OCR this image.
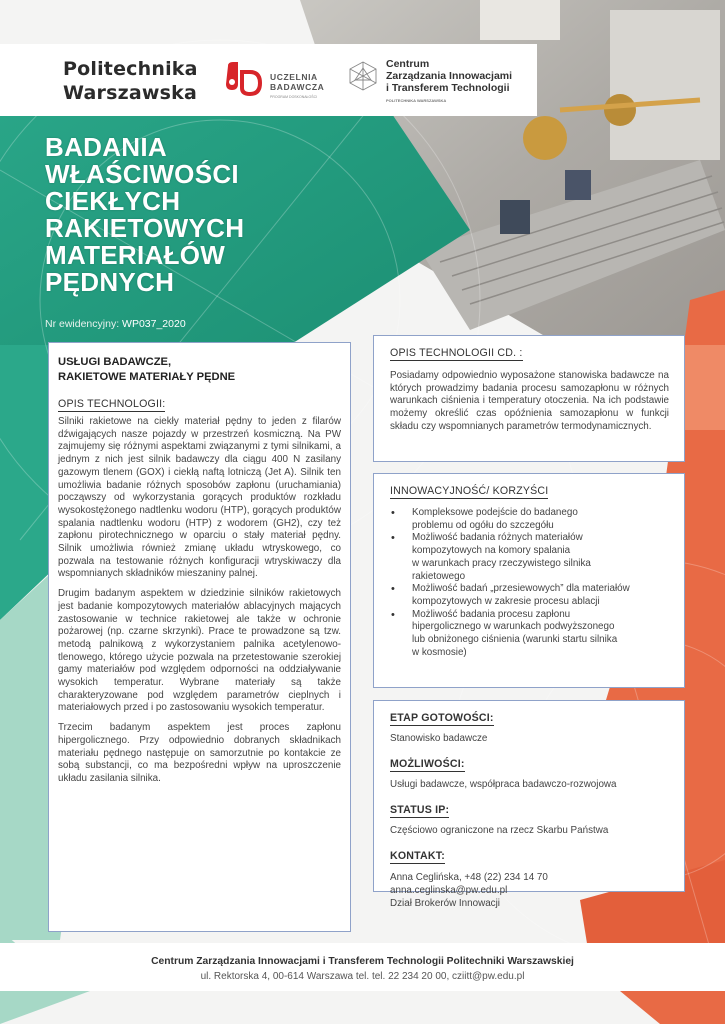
Politechnika
Warszawska
UCZELNIA
BADAWCZA
PROGRAM DOSKONAŁOŚCI
Centrum
Zarządzania Innowacjami
i Transferem Technologii
POLITECHNIKA WARSZAWSKA
BADANIA
WŁAŚCIWOŚCI
CIEKŁYCH
RAKIETOWYCH
MATERIAŁÓW
PĘDNYCH
Nr ewidencyjny: WP037_2020
USŁUGI BADAWCZE,
RAKIETOWE MATERIAŁY PĘDNE
OPIS TECHNOLOGII:

Silniki rakietowe na ciekły materiał pędny to jeden z filarów dźwigających nasze pojazdy w przestrzeń kosmiczną. Na PW zajmujemy się różnymi aspektami związanymi z tymi silnikami, a jednym z nich jest silnik badawczy dla ciągu 400 N zasilany gazowym tlenem (GOX) i ciekłą naftą lotniczą (Jet A). Silnik ten umożliwia badanie różnych sposobów zapłonu (uruchamiania) począwszy od wykorzystania gorących produktów rozkładu wysokostężonego nadtlenku wodoru (HTP), gorących produktów spalania nadtlenku wodoru (HTP) z wodorem (GH2), czy też zapłonu pirotechnicznego w oparciu o stały materiał pędny. Silnik umożliwia również zmianę układu wtryskowego, co pozwala na testowanie różnych konfiguracji wtryskiwaczy dla wspomnianych składników mieszaniny palnej.

Drugim badanym aspektem w dziedzinie silników rakietowych jest badanie kompozytowych materiałów ablacyjnych mających zastosowanie w technice rakietowej ale także w ochronie pożarowej (np. czarne skrzynki). Prace te prowadzone są tzw. metodą palnikową z wykorzystaniem palnika acetylenowo-tlenowego, którego użycie pozwala na przetestowanie szerokiej gamy materiałów pod względem odporności na oddziaływanie wysokich temperatur. Wybrane materiały są także charakteryzowane pod względem parametrów cieplnych i materiałowych przed i po zastosowaniu wysokich temperatur.

Trzecim badanym aspektem jest proces zapłonu hipergolicznego. Przy odpowiednio dobranych składnikach materiału pędnego następuje on samorzutnie po kontakcie ze sobą substancji, co ma bezpośredni wpływ na uproszczenie układu zasilania silnika.

OPIS TECHNOLOGII CD. :

Posiadamy odpowiednio wyposażone stanowiska badawcze na których prowadzimy badania procesu samozapłonu w różnych warunkach ciśnienia i temperatury otoczenia. Na ich podstawie możemy określić czas opóźnienia samozapłonu w funkcji składu czy wspomnianych parametrów termodynamicznych.

INNOWACYJNOŚĆ/ KORZYŚCI
• Kompleksowe podejście do badanego
problemu od ogółu do szczegółu
• Możliwość badania różnych materiałów
kompozytowych na komory spalania
w warunkach pracy rzeczywistego silnika
rakietowego
• Możliwość badań „przesiewowych” dla materiałów
kompozytowych w zakresie procesu ablacji
• Możliwość badania procesu zapłonu
hipergolicznego w warunkach podwyższonego
lub obniżonego ciśnienia (warunki startu silnika
w kosmosie)
ETAP GOTOWOŚCI:
Stanowisko badawcze
MOŻLIWOŚCI:
Usługi badawcze, współpraca badawczo-rozwojowa
STATUS IP:
Częściowo ograniczone na rzecz Skarbu Państwa
KONTAKT:
Anna Ceglińska, +48 (22) 234 14 70
anna.ceglinska@pw.edu.pl
Dział Brokerów Innowacji
Centrum Zarządzania Innowacjami i Transferem Technologii Politechniki Warszawskiej
ul. Rektorska 4, 00-614 Warszawa tel. tel. 22 234 20 00, cziitt@pw.edu.pl
